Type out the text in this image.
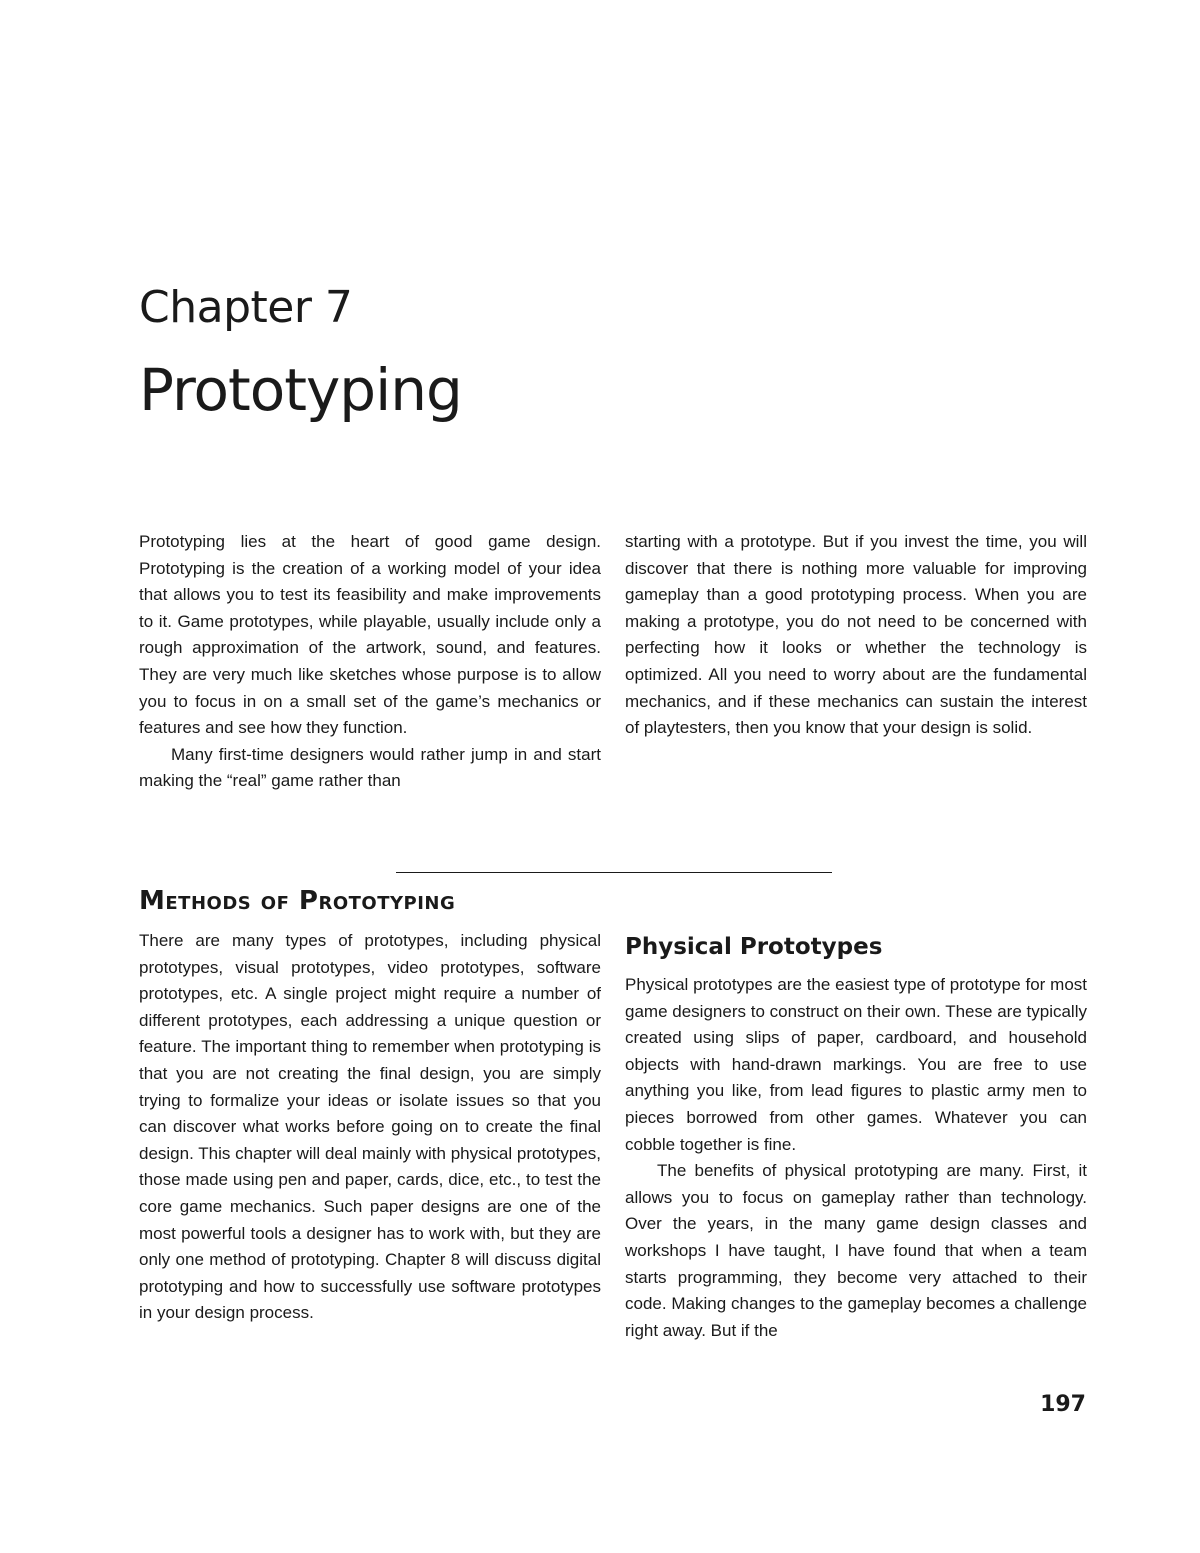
Chapter 7
Prototyping

Prototyping lies at the heart of good game design. Prototyping is the creation of a working model of your idea that allows you to test its feasibility and make improvements to it. Game prototypes, while playable, usually include only a rough approximation of the artwork, sound, and features. They are very much like sketches whose purpose is to allow you to focus in on a small set of the game’s mechanics or features and see how they function.

Many first-time designers would rather jump in and start making the “real” game rather than

starting with a prototype. But if you invest the time, you will discover that there is nothing more valuable for improving gameplay than a good prototyping process. When you are making a prototype, you do not need to be concerned with perfecting how it looks or whether the technology is optimized. All you need to worry about are the fundamental mechanics, and if these mechanics can sustain the interest of playtesters, then you know that your design is solid.

Methods of Prototyping

There are many types of prototypes, including physical prototypes, visual prototypes, video prototypes, software prototypes, etc. A single project might require a number of different prototypes, each addressing a unique question or feature. The important thing to remember when prototyping is that you are not creating the final design, you are simply trying to formalize your ideas or isolate issues so that you can discover what works before going on to create the final design. This chapter will deal mainly with physical prototypes, those made using pen and paper, cards, dice, etc., to test the core game mechanics. Such paper designs are one of the most powerful tools a designer has to work with, but they are only one method of prototyping. Chapter 8 will discuss digital prototyping and how to successfully use software prototypes in your design process.

Physical Prototypes

Physical prototypes are the easiest type of prototype for most game designers to construct on their own. These are typically created using slips of paper, cardboard, and household objects with hand-drawn markings. You are free to use anything you like, from lead figures to plastic army men to pieces borrowed from other games. Whatever you can cobble together is fine.

The benefits of physical prototyping are many. First, it allows you to focus on gameplay rather than technology. Over the years, in the many game design classes and workshops I have taught, I have found that when a team starts programming, they become very attached to their code. Making changes to the gameplay becomes a challenge right away. But if the

197
